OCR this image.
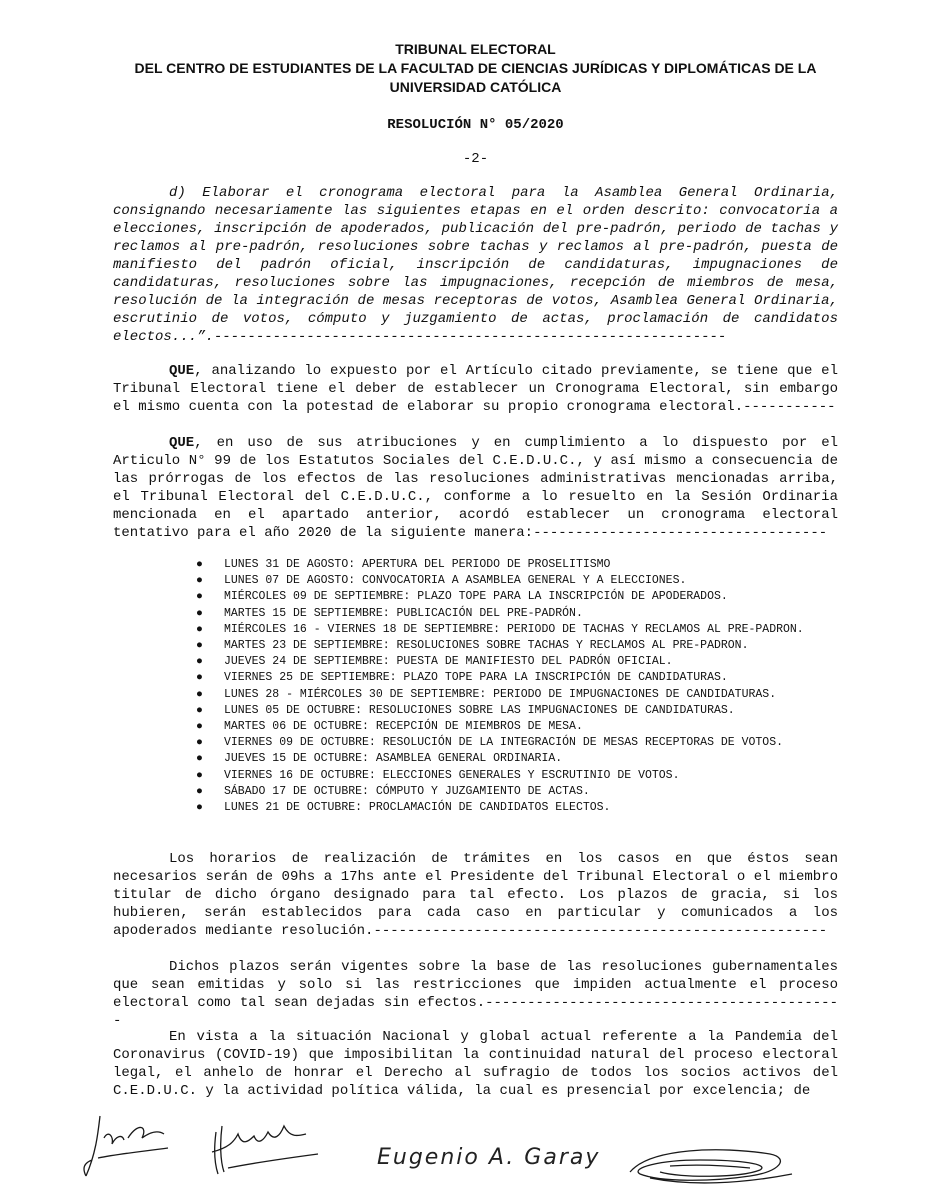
TRIBUNAL ELECTORAL
DEL CENTRO DE ESTUDIANTES DE LA FACULTAD DE CIENCIAS JURÍDICAS Y DIPLOMÁTICAS DE LA
UNIVERSIDAD CATÓLICA
RESOLUCIÓN N° 05/2020
-2-

d) Elaborar el cronograma electoral para la Asamblea General Ordinaria, consignando necesariamente las siguientes etapas en el orden descrito: convocatoria a elecciones, inscripción de apoderados, publicación del pre-padrón, periodo de tachas y reclamos al pre-padrón, resoluciones sobre tachas y reclamos al pre-padrón, puesta de manifiesto del padrón oficial, inscripción de candidaturas, impugnaciones de candidaturas, resoluciones sobre las impugnaciones, recepción de miembros de mesa, resolución de la integración de mesas receptoras de votos, Asamblea General Ordinaria, escrutinio de votos, cómputo y juzgamiento de actas, proclamación de candidatos electos...”.-------------------------------------------------------------

QUE, analizando lo expuesto por el Artículo citado previamente, se tiene que el Tribunal Electoral tiene el deber de establecer un Cronograma Electoral, sin embargo el mismo cuenta con la potestad de elaborar su propio cronograma electoral.-----------

QUE, en uso de sus atribuciones y en cumplimiento a lo dispuesto por el Articulo N° 99 de los Estatutos Sociales del C.E.D.U.C., y así mismo a consecuencia de las prórrogas de los efectos de las resoluciones administrativas mencionadas arriba, el Tribunal Electoral del C.E.D.U.C., conforme a lo resuelto en la Sesión Ordinaria mencionada en el apartado anterior, acordó establecer un cronograma electoral tentativo para el año 2020 de la siguiente manera:-----------------------------------

● LUNES 31 DE AGOSTO: APERTURA DEL PERIODO DE PROSELITISMO
● LUNES 07 DE AGOSTO: CONVOCATORIA A ASAMBLEA GENERAL Y A ELECCIONES.
● MIÉRCOLES 09 DE SEPTIEMBRE: PLAZO TOPE PARA LA INSCRIPCIÓN DE APODERADOS.
● MARTES 15 DE SEPTIEMBRE: PUBLICACIÓN DEL PRE-PADRÓN.
● MIÉRCOLES 16 - VIERNES 18 DE SEPTIEMBRE: PERIODO DE TACHAS Y RECLAMOS AL PRE-PADRON.
● MARTES 23 DE SEPTIEMBRE: RESOLUCIONES SOBRE TACHAS Y RECLAMOS AL PRE-PADRON.
● JUEVES 24 DE SEPTIEMBRE: PUESTA DE MANIFIESTO DEL PADRÓN OFICIAL.
● VIERNES 25 DE SEPTIEMBRE: PLAZO TOPE PARA LA INSCRIPCIÓN DE CANDIDATURAS.
● LUNES 28 - MIÉRCOLES 30 DE SEPTIEMBRE: PERIODO DE IMPUGNACIONES DE CANDIDATURAS.
● LUNES 05 DE OCTUBRE: RESOLUCIONES SOBRE LAS IMPUGNACIONES DE CANDIDATURAS.
● MARTES 06 DE OCTUBRE: RECEPCIÓN DE MIEMBROS DE MESA.
● VIERNES 09 DE OCTUBRE: RESOLUCIÓN DE LA INTEGRACIÓN DE MESAS RECEPTORAS DE VOTOS.
● JUEVES 15 DE OCTUBRE: ASAMBLEA GENERAL ORDINARIA.
● VIERNES 16 DE OCTUBRE: ELECCIONES GENERALES Y ESCRUTINIO DE VOTOS.
● SÁBADO 17 DE OCTUBRE: CÓMPUTO Y JUZGAMIENTO DE ACTAS.
● LUNES 21 DE OCTUBRE: PROCLAMACIÓN DE CANDIDATOS ELECTOS.

Los horarios de realización de trámites en los casos en que éstos sean necesarios serán de 09hs a 17hs ante el Presidente del Tribunal Electoral o el miembro titular de dicho órgano designado para tal efecto. Los plazos de gracia, si los hubieren, serán establecidos para cada caso en particular y comunicados a los apoderados mediante resolución.------------------------------------------------------

Dichos plazos serán vigentes sobre la base de las resoluciones gubernamentales que sean emitidas y solo si las restricciones que impiden actualmente el proceso electoral como tal sean dejadas sin efectos.-------------------------------------------

En vista a la situación Nacional y global actual referente a la Pandemia del Coronavirus (COVID-19) que imposibilitan la continuidad natural del proceso electoral legal, el anhelo de honrar el Derecho al sufragio de todos los socios activos del C.E.D.U.C. y la actividad política válida, la cual es presencial por excelencia; de

Eugenio A. Garay
